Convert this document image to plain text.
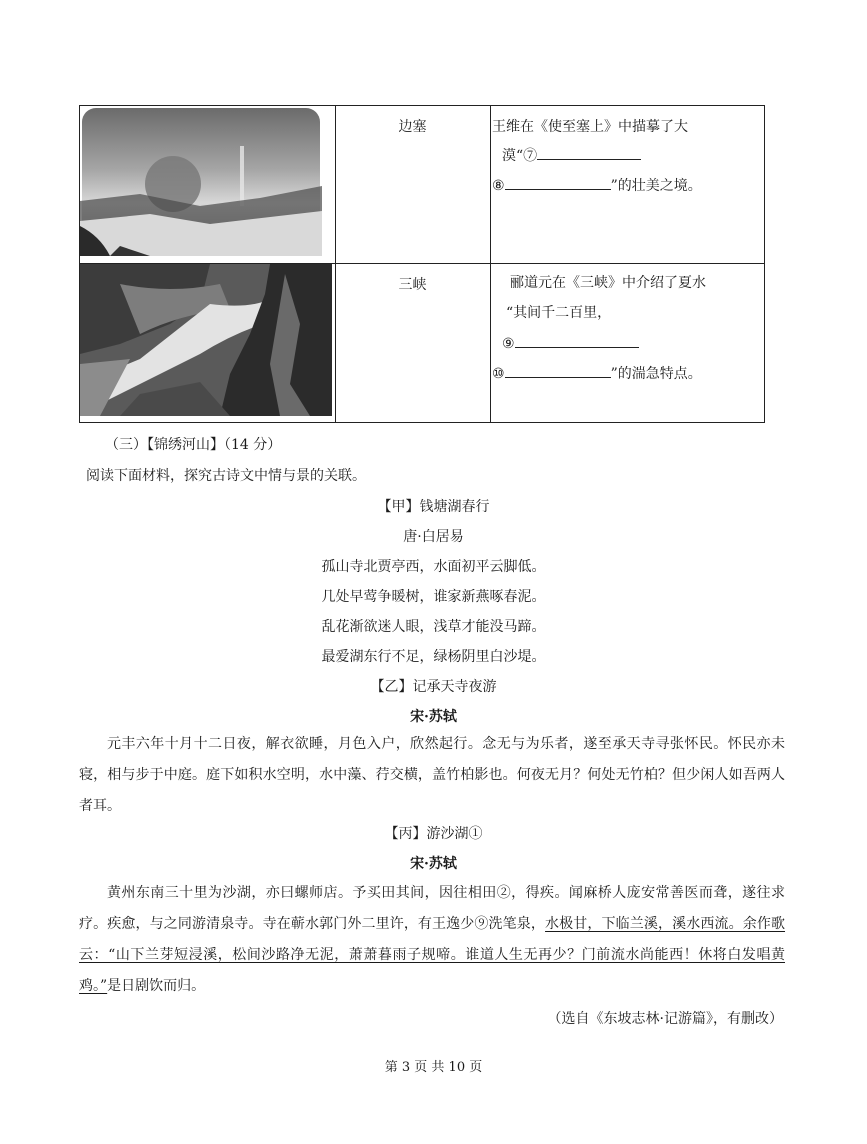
边塞	王维在《使至塞上》中描摹了大
漠“⑦
⑧	”的壮美之境。
三峡	郦道元在《三峡》中介绍了夏水
“其间千二百里，
⑨
⑩	”的湍急特点。
（三）【锦绣河山】（14 分）
阅读下面材料，探究古诗文中情与景的关联。
【甲】钱塘湖春行
唐·白居易
孤山寺北贾亭西，水面初平云脚低。
几处早莺争暖树，谁家新燕啄春泥。
乱花渐欲迷人眼，浅草才能没马蹄。
最爱湖东行不足，绿杨阴里白沙堤。
【乙】记承天寺夜游
宋·苏轼
元丰六年十月十二日夜，解衣欲睡，月色入户，欣然起行。念无与为乐者，遂至承天寺寻张怀民。怀民亦未寝，相与步于中庭。庭下如积水空明，水中藻、荇交横，盖竹柏影也。何夜无月？何处无竹柏？但少闲人如吾两人者耳。
【丙】游沙湖①
宋·苏轼
黄州东南三十里为沙湖，亦曰螺师店。予买田其间，因往相田②，得疾。闻麻桥人庞安常善医而聋，遂往求疗。疾愈，与之同游清泉寺。寺在蕲水郭门外二里许，有王逸少⑨洗笔泉，水极甘，下临兰溪，溪水西流。余作歌云：“山下兰芽短浸溪，松间沙路净无泥，萧萧暮雨子规啼。谁道人生无再少？门前流水尚能西！休将白发唱黄鸡。”是日剧饮而归。
（选自《东坡志林·记游篇》，有删改）
第 3 页 共 10 页
